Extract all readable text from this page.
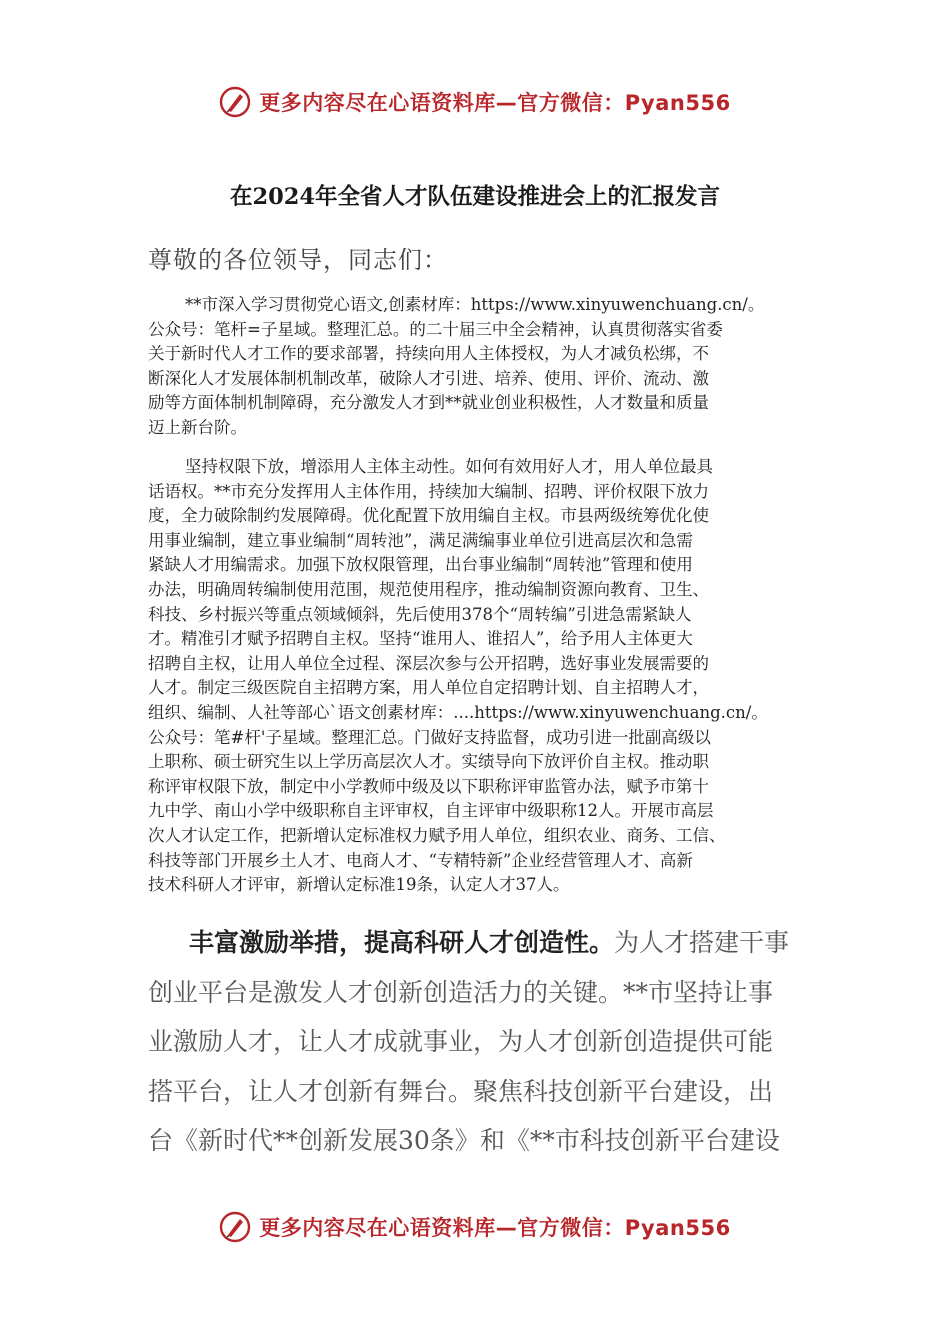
更多内容尽在心语资料库—官方微信：Pyan556
在2024年全省人才队伍建设推进会上的汇报发言
尊敬的各位领导，同志们：
**市深入学习贯彻党心语文,创素材库：https://www.xinyuwenchuang.cn/。
公众号：笔杆=子星域。整理汇总。的二十届三中全会精神，认真贯彻落实省委
关于新时代人才工作的要求部署，持续向用人主体授权，为人才减负松绑，不
断深化人才发展体制机制改革，破除人才引进、培养、使用、评价、流动、激
励等方面体制机制障碍，充分激发人才到**就业创业积极性，人才数量和质量
迈上新台阶。
坚持权限下放，增添用人主体主动性。如何有效用好人才，用人单位最具
话语权。**市充分发挥用人主体作用，持续加大编制、招聘、评价权限下放力
度，全力破除制约发展障碍。优化配置下放用编自主权。市县两级统筹优化使
用事业编制，建立事业编制“周转池”，满足满编事业单位引进高层次和急需
紧缺人才用编需求。加强下放权限管理，出台事业编制“周转池”管理和使用
办法，明确周转编制使用范围，规范使用程序，推动编制资源向教育、卫生、
科技、乡村振兴等重点领域倾斜，先后使用378个“周转编”引进急需紧缺人
才。精准引才赋予招聘自主权。坚持“谁用人、谁招人”，给予用人主体更大
招聘自主权，让用人单位全过程、深层次参与公开招聘，选好事业发展需要的
人才。制定三级医院自主招聘方案，用人单位自定招聘计划、自主招聘人才，
组织、编制、人社等部心`语文创素材库：....https://www.xinyuwenchuang.cn/。
公众号：笔#杆'子星域。整理汇总。门做好支持监督，成功引进一批副高级以
上职称、硕士研究生以上学历高层次人才。实绩导向下放评价自主权。推动职
称评审权限下放，制定中小学教师中级及以下职称评审监管办法，赋予市第十
九中学、南山小学中级职称自主评审权，自主评审中级职称12人。开展市高层
次人才认定工作，把新增认定标准权力赋予用人单位，组织农业、商务、工信、
科技等部门开展乡土人才、电商人才、“专精特新”企业经营管理人才、高新
技术科研人才评审，新增认定标准19条，认定人才37人。
丰富激励举措，提高科研人才创造性。为人才搭建干事
创业平台是激发人才创新创造活力的关键。**市坚持让事
业激励人才，让人才成就事业，为人才创新创造提供可能
搭平台，让人才创新有舞台。聚焦科技创新平台建设，出
台《新时代**创新发展30条》和《**市科技创新平台建设
更多内容尽在心语资料库—官方微信：Pyan556
